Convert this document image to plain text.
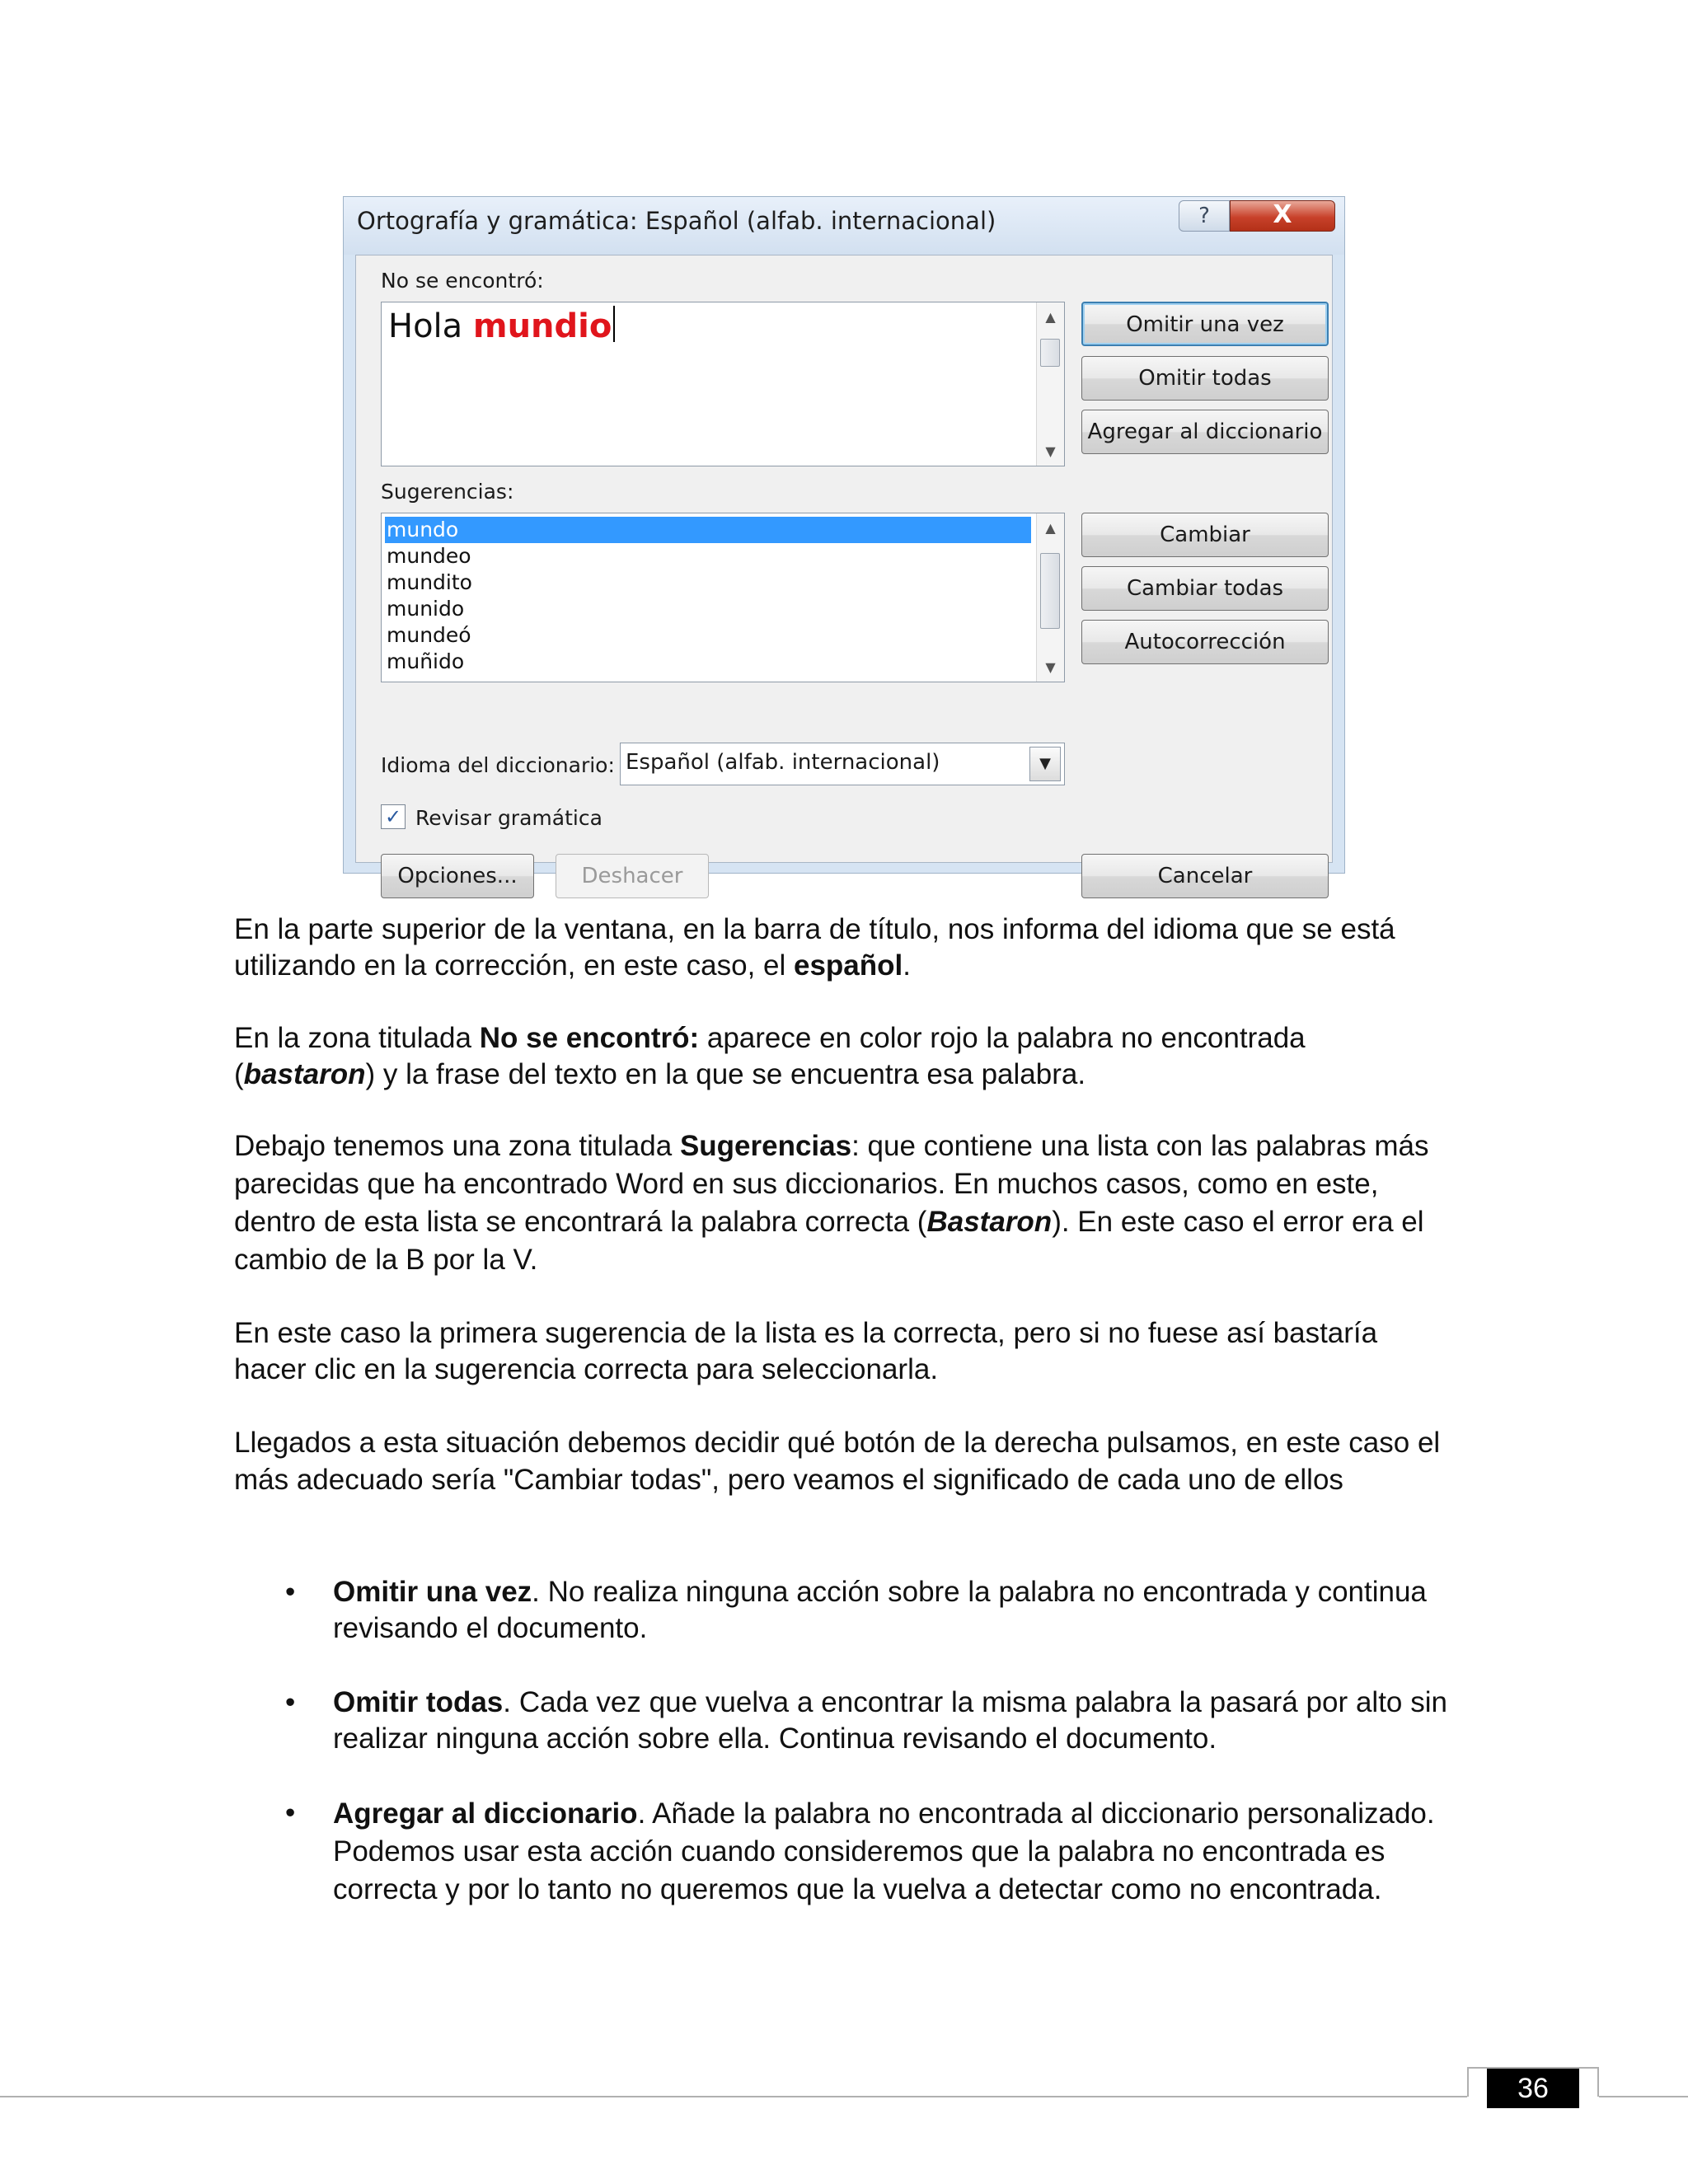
Ortografía y gramática: Español (alfab. internacional)	?	X
No se encontró:
Hola mundio	▲
▼
Sugerencias:
mundo
mundeo
mundito
munido
mundeó
muñido
▲
▼
Idioma del diccionario: Español (alfab. internacional)	▼
✓ Revisar gramática
Omitir una vez
Omitir todas
Agregar al diccionario
Cambiar
Cambiar todas
Autocorrección
Opciones...	Deshacer	Cancelar

En la parte superior de la ventana, en la barra de título, nos informa del idioma que se está utilizando en la corrección, en este caso, el español.

En la zona titulada No se encontró: aparece en color rojo la palabra no encontrada (bastaron) y la frase del texto en la que se encuentra esa palabra.

Debajo tenemos una zona titulada Sugerencias: que contiene una lista con las palabras más parecidas que ha encontrado Word en sus diccionarios. En muchos casos, como en este, dentro de esta lista se encontrará la palabra correcta (Bastaron). En este caso el error era el cambio de la B por la V.

En este caso la primera sugerencia de la lista es la correcta, pero si no fuese así bastaría hacer clic en la sugerencia correcta para seleccionarla.

Llegados a esta situación debemos decidir qué botón de la derecha pulsamos, en este caso el más adecuado sería "Cambiar todas", pero veamos el significado de cada uno de ellos

• Omitir una vez. No realiza ninguna acción sobre la palabra no encontrada y continua revisando el documento.
• Omitir todas. Cada vez que vuelva a encontrar la misma palabra la pasará por alto sin realizar ninguna acción sobre ella. Continua revisando el documento.
• Agregar al diccionario. Añade la palabra no encontrada al diccionario personalizado. Podemos usar esta acción cuando consideremos que la palabra no encontrada es correcta y por lo tanto no queremos que la vuelva a detectar como no encontrada.
36
